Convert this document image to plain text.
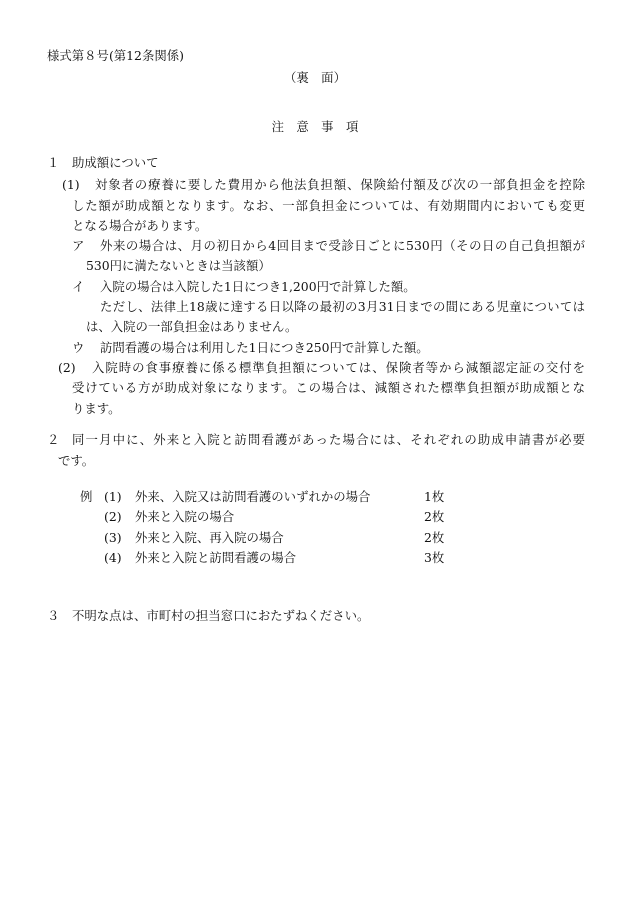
様式第８号(第12条関係)
（裏　面）
注　意　事　項
１ 助成額について
(1) 対象者の療養に要した費用から他法負担額、保険給付額及び次の一部負担金を控除
した額が助成額となります。なお、一部負担金については、有効期間内においても変更
となる場合があります。
ア 外来の場合は、月の初日から4回目まで受診日ごとに530円（その日の自己負担額が
530円に満たないときは当該額）
イ 入院の場合は入院した1日につき1,200円で計算した額。
ただし、法律上18歳に達する日以降の最初の3月31日までの間にある児童については
は、入院の一部負担金はありません。
ウ 訪問看護の場合は利用した1日につき250円で計算した額。
(2) 入院時の食事療養に係る標準負担額については、保険者等から減額認定証の交付を
受けている方が助成対象になります。この場合は、減額された標準負担額が助成額とな
ります。
２ 同一月中に、外来と入院と訪問看護があった場合には、それぞれの助成申請書が必要
です。
例 (1) 外来、入院又は訪問看護のいずれかの場合	1枚
(2) 外来と入院の場合	2枚
(3) 外来と入院、再入院の場合	2枚
(4) 外来と入院と訪問看護の場合	3枚
３ 不明な点は、市町村の担当窓口におたずねください。
